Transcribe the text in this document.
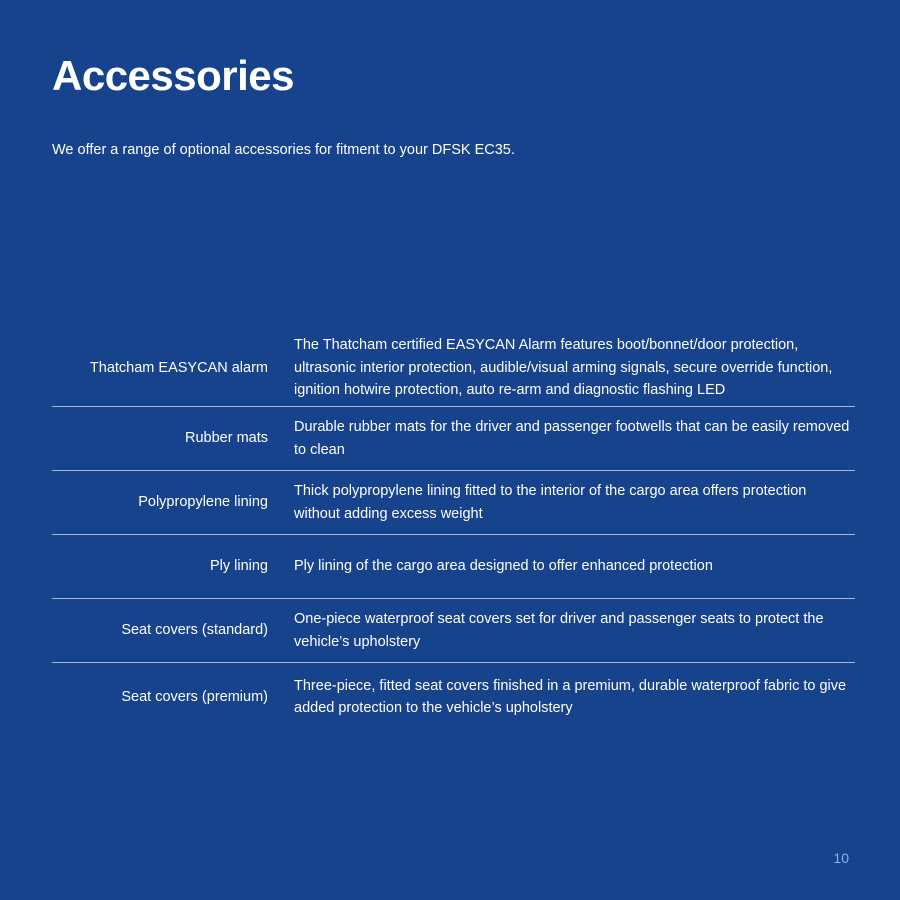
Accessories

We offer a range of optional accessories for fitment to your DFSK EC35.

Thatcham EASYCAN alarm
The Thatcham certified EASYCAN Alarm features boot/bonnet/door protection, ultrasonic interior protection, audible/visual arming signals, secure override function, ignition hotwire protection, auto re-arm and diagnostic flashing LED
Rubber mats
Durable rubber mats for the driver and passenger footwells that can be easily removed to clean
Polypropylene lining
Thick polypropylene lining fitted to the interior of the cargo area offers protection without adding excess weight
Ply lining	Ply lining of the cargo area designed to offer enhanced protection
Seat covers (standard)
One-piece waterproof seat covers set for driver and passenger seats to protect the vehicle’s upholstery
Seat covers (premium)
Three-piece, fitted seat covers finished in a premium, durable waterproof fabric to give added protection to the vehicle’s upholstery
10
